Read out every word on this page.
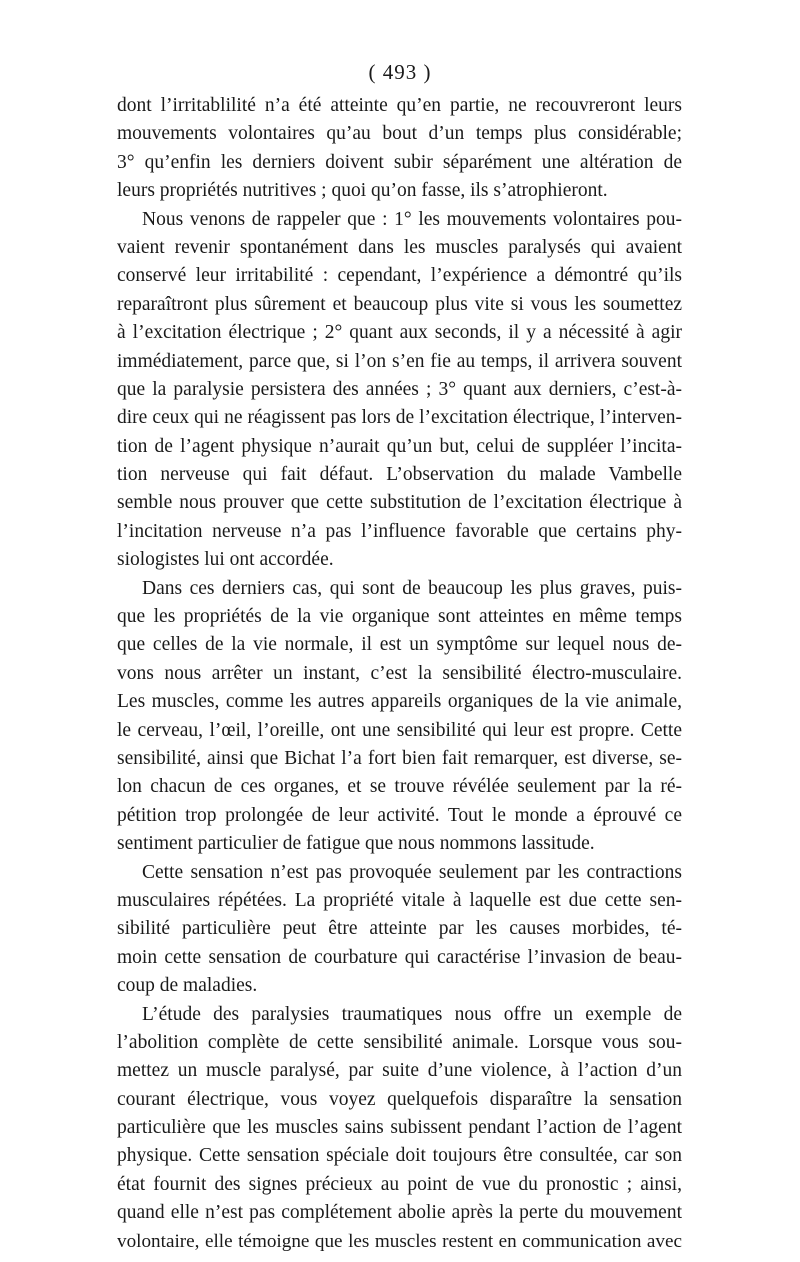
( 493 )
dont l’irritablilité n’a été atteinte qu’en partie, ne recouvreront leurs
mouvements volontaires qu’au bout d’un temps plus considérable;
3° qu’enfin les derniers doivent subir séparément une altération de
leurs propriétés nutritives ; quoi qu’on fasse, ils s’atrophieront.
Nous venons de rappeler que : 1° les mouvements volontaires pou-
vaient revenir spontanément dans les muscles paralysés qui avaient
conservé leur irritabilité : cependant, l’expérience a démontré qu’ils
reparaîtront plus sûrement et beaucoup plus vite si vous les soumettez
à l’excitation électrique ; 2° quant aux seconds, il y a nécessité à agir
immédiatement, parce que, si l’on s’en fie au temps, il arrivera souvent
que la paralysie persistera des années ; 3° quant aux derniers, c’est-à-
dire ceux qui ne réagissent pas lors de l’excitation électrique, l’interven-
tion de l’agent physique n’aurait qu’un but, celui de suppléer l’incita-
tion nerveuse qui fait défaut. L’observation du malade Vambelle
semble nous prouver que cette substitution de l’excitation électrique à
l’incitation nerveuse n’a pas l’influence favorable que certains phy-
siologistes lui ont accordée.
Dans ces derniers cas, qui sont de beaucoup les plus graves, puis-
que les propriétés de la vie organique sont atteintes en même temps
que celles de la vie normale, il est un symptôme sur lequel nous de-
vons nous arrêter un instant, c’est la sensibilité électro-musculaire.
Les muscles, comme les autres appareils organiques de la vie animale,
le cerveau, l’œil, l’oreille, ont une sensibilité qui leur est propre. Cette
sensibilité, ainsi que Bichat l’a fort bien fait remarquer, est diverse, se-
lon chacun de ces organes, et se trouve révélée seulement par la ré-
pétition trop prolongée de leur activité. Tout le monde a éprouvé ce
sentiment particulier de fatigue que nous nommons lassitude.
Cette sensation n’est pas provoquée seulement par les contractions
musculaires répétées. La propriété vitale à laquelle est due cette sen-
sibilité particulière peut être atteinte par les causes morbides, té-
moin cette sensation de courbature qui caractérise l’invasion de beau-
coup de maladies.
L’étude des paralysies traumatiques nous offre un exemple de
l’abolition complète de cette sensibilité animale. Lorsque vous sou-
mettez un muscle paralysé, par suite d’une violence, à l’action d’un
courant électrique, vous voyez quelquefois disparaître la sensation
particulière que les muscles sains subissent pendant l’action de l’agent
physique. Cette sensation spéciale doit toujours être consultée, car son
état fournit des signes précieux au point de vue du pronostic ; ainsi,
quand elle n’est pas complétement abolie après la perte du mouvement
volontaire, elle témoigne que les muscles restent en communication avec
